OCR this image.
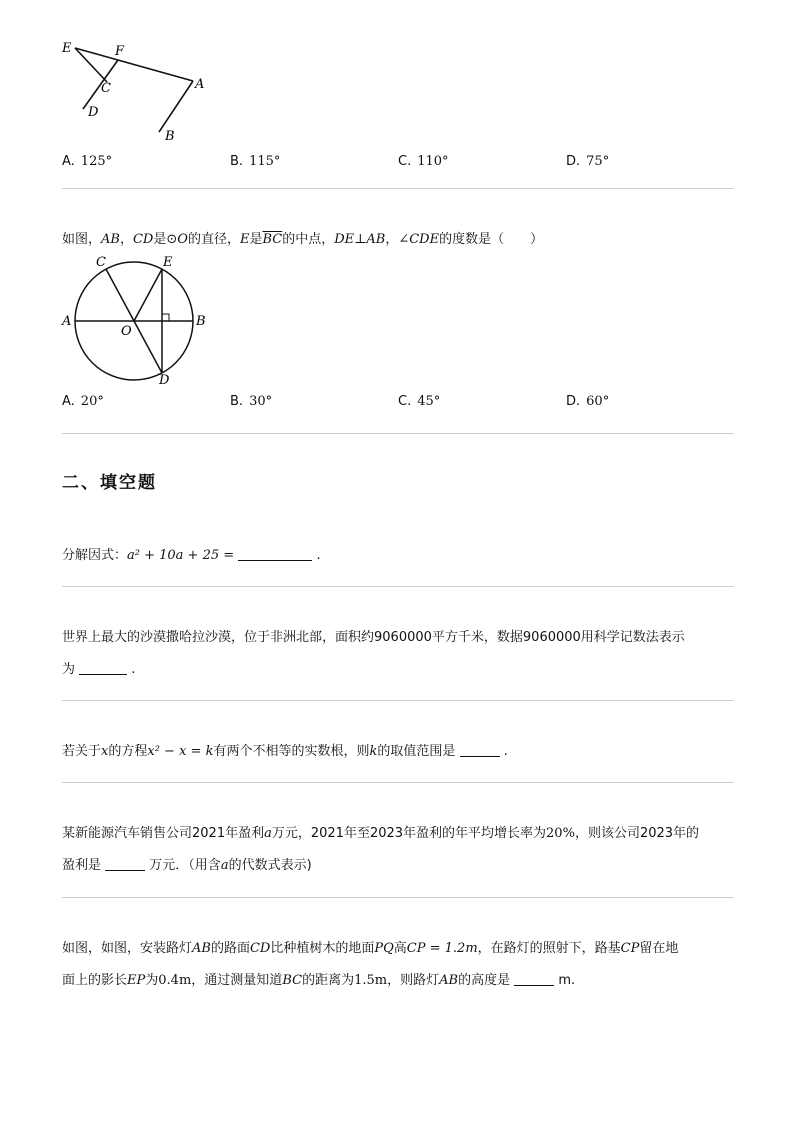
E	F
C
D
A
B
A. 125°	B. 115°	C. 110°	D. 75°
如图，AB，CD是⊙O的直径，E是$\overline{BC}$的中点，DE⊥AB，∠CDE的度数是（　　）
C	E
A
O
B
D
A. 20°	B. 30°	C. 45°	D. 60°
二、填空题
分解因式：a² + 10a + 25 =	.
世界上最大的沙漠撒哈拉沙漠，位于非洲北部，面积约9060000平方千米，数据9060000用科学记数法表示
为	.
若关于x的方程x² − x = k有两个不相等的实数根，则k的取值范围是	.
某新能源汽车销售公司2021年盈利a万元，2021年至2023年盈利的年平均增长率为20%，则该公司2023年的
盈利是	万元．（用含a的代数式表示)
如图，如图，安装路灯AB的路面CD比种植树木的地面PQ高CP = 1.2m，在路灯的照射下，路基CP留在地
面上的影长EP为0.4m，通过测量知道BC的距离为1.5m，则路灯AB的高度是	m.
